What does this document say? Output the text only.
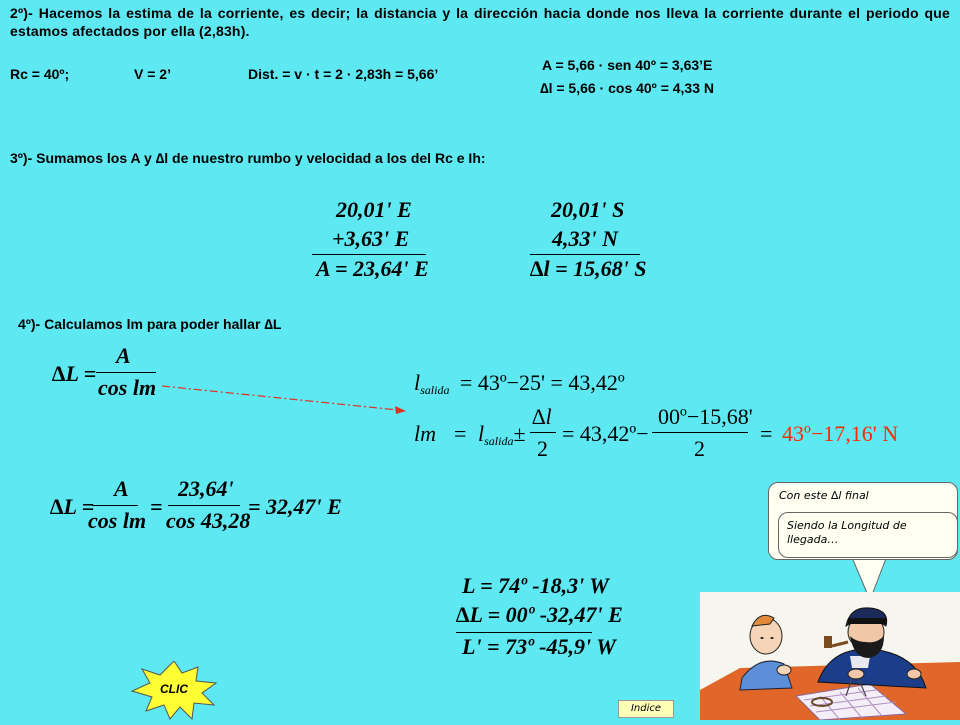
2º)- Hacemos la estima de la corriente, es decir; la distancia y la dirección hacia donde nos lleva la corriente durante el periodo que estamos afectados por ella (2,83h).
Rc = 40º;	V = 2’	Dist. = v · t = 2 · 2,83h = 5,66’
A = 5,66 · sen 40º = 3,63’E
∆l = 5,66 · cos 40º = 4,33 N
3º)- Sumamos los A y ∆l de nuestro rumbo y velocidad a los del Rc e Ih:
20,01' E
+3,63' E
A = 23,64' E
20,01' S
4,33' N
∆l = 15,68' S
4º)- Calculamos lm para poder hallar ∆L
∆L =
A
cos lm	$l_{salida}$ = 43º−25' = 43,42º
lm = $l_{salida}\pm$
∆l
2
= 43,42º−
00º−15,68'
2
= 43º−17,16' N
∆L =
A
cos lm
=
23,64'
cos 43,28
= 32,47' E
L = 74º -18,3' W
∆L = 00º -32,47' E
L' = 73º -45,9' W
Con este ∆l final
Siendo la Longitud de llegada…
CLIC
Indice
